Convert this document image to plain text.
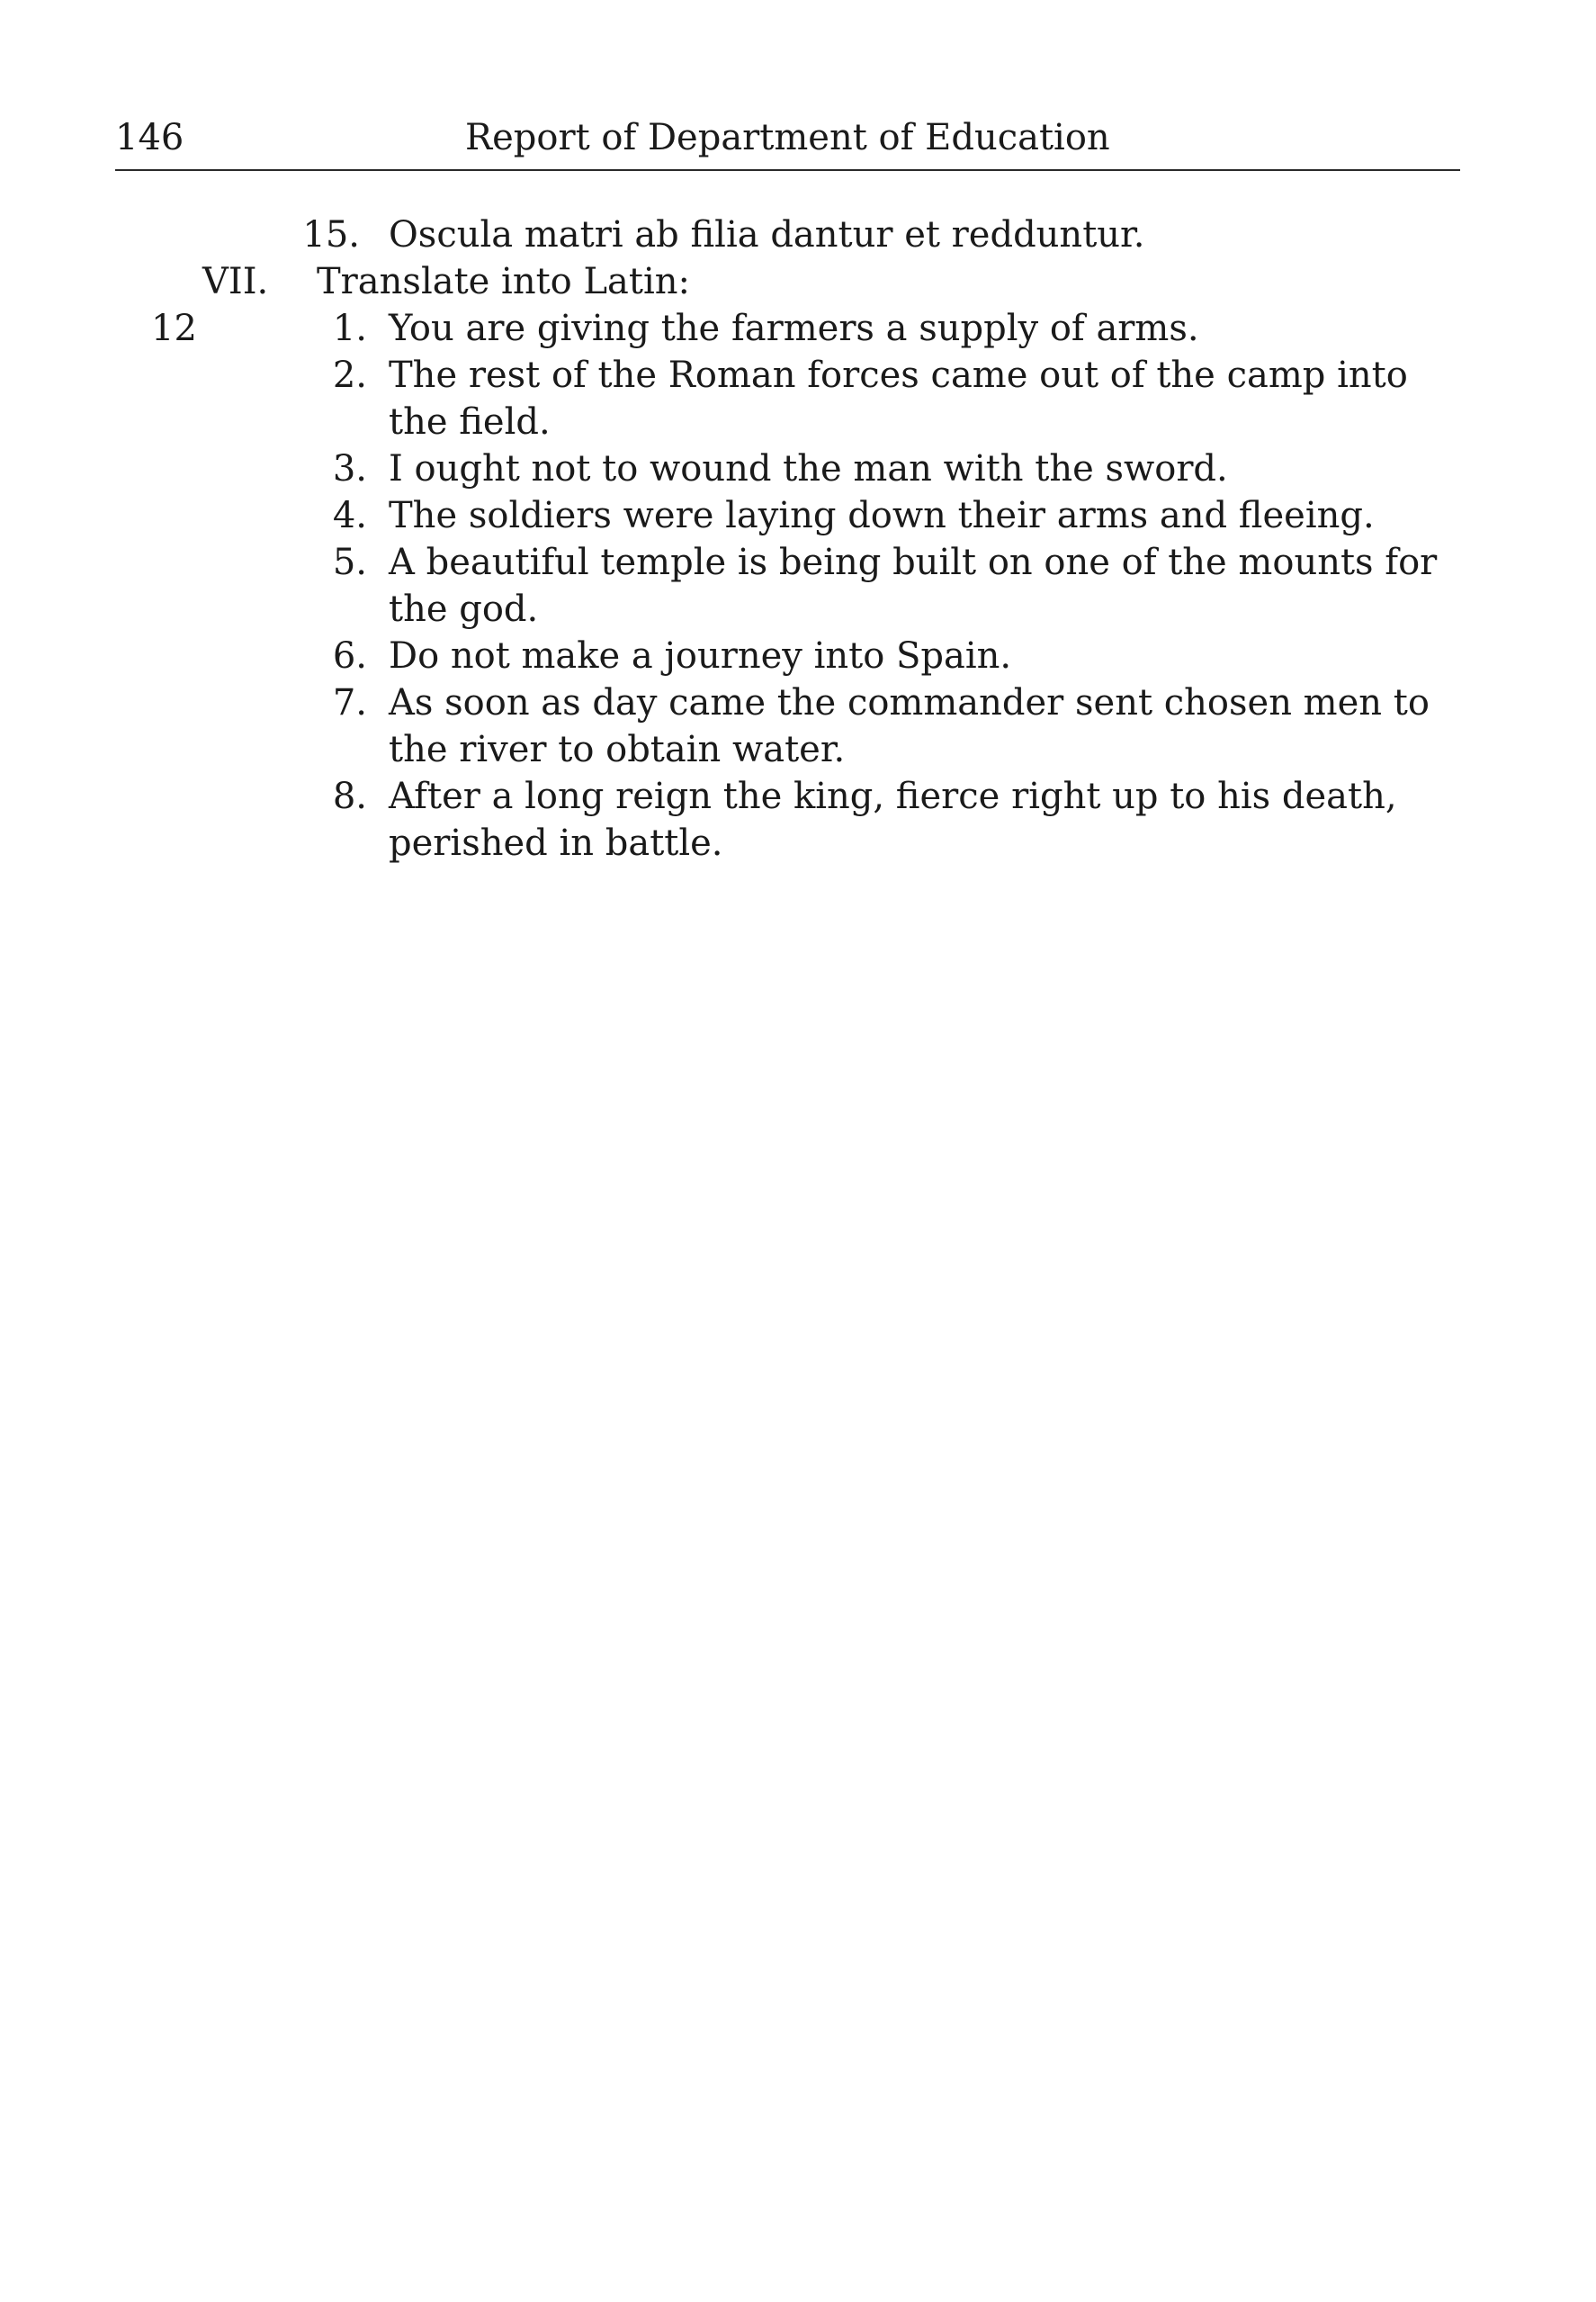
146	Report of Department of Education
15. Oscula matri ab filia dantur et redduntur.
VII. Translate into Latin:
12	1. You are giving the farmers a supply of arms.
2. The rest of the Roman forces came out of the camp into
the field.
3. I ought not to wound the man with the sword.
4. The soldiers were laying down their arms and fleeing.
5. A beautiful temple is being built on one of the mounts for
the god.
6. Do not make a journey into Spain.
7. As soon as day came the commander sent chosen men to
the river to obtain water.
8. After a long reign the king, fierce right up to his death,
perished in battle.
